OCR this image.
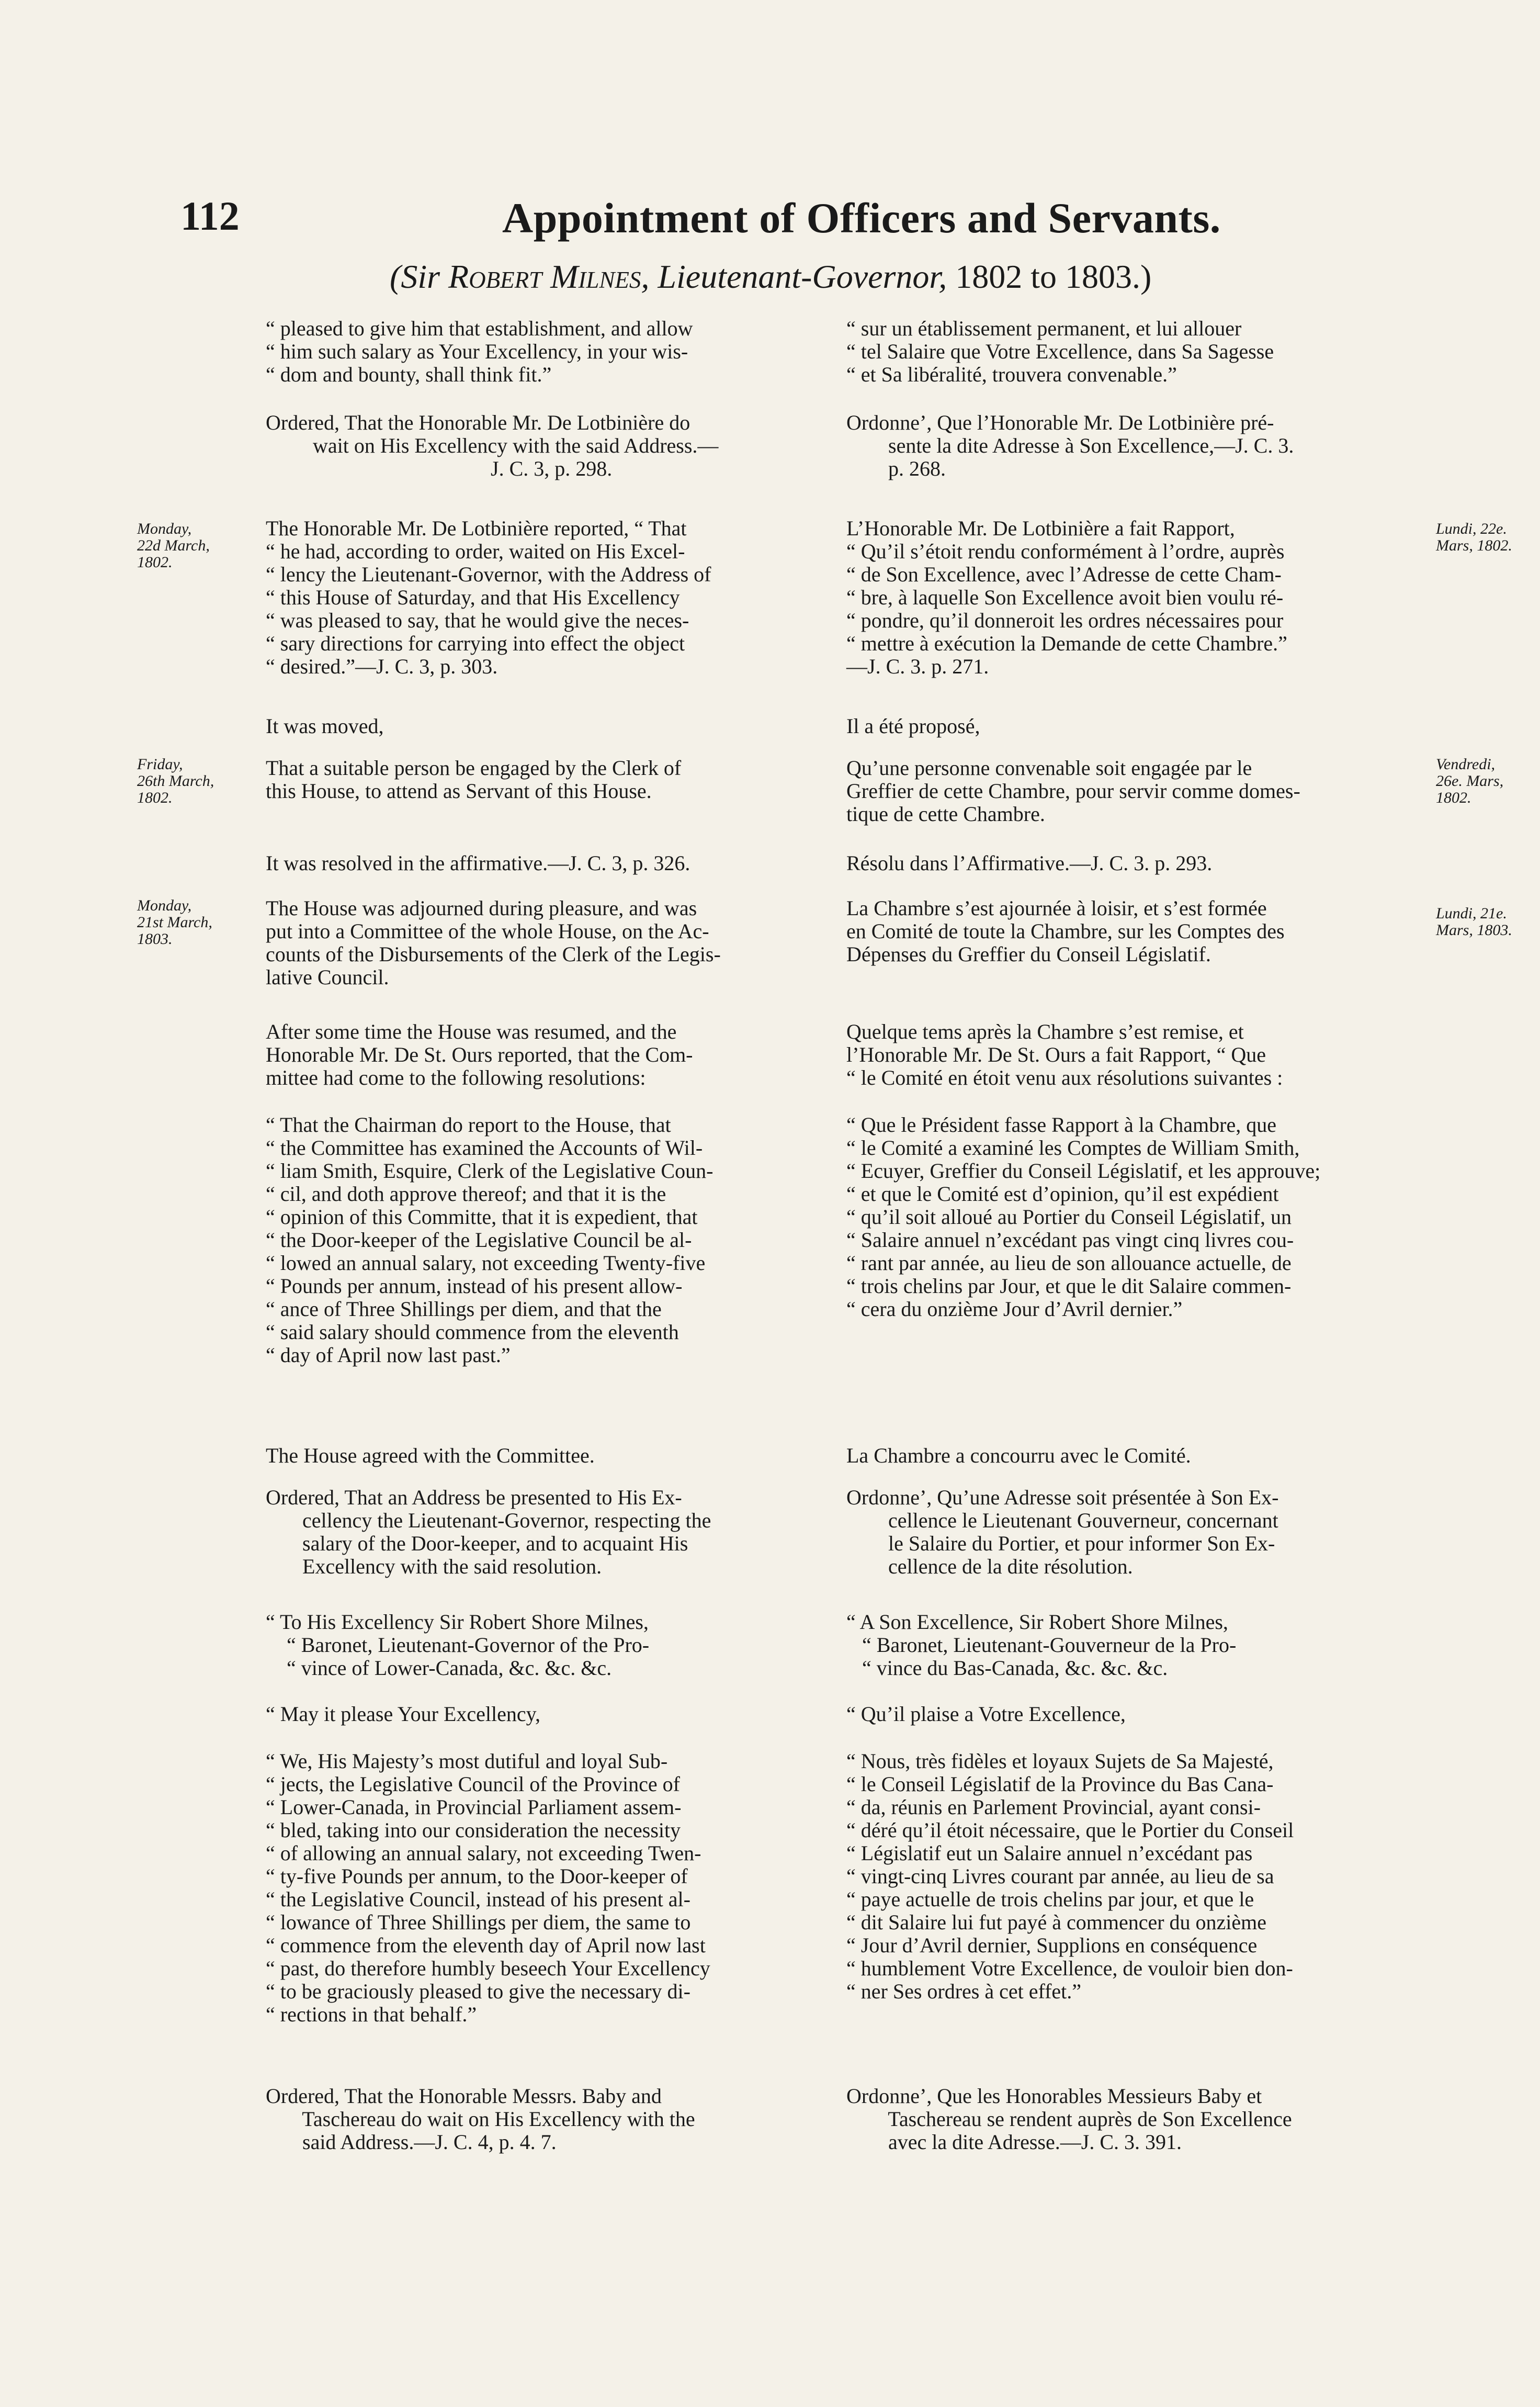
112	Appointment of Officers and Servants.
(Sir Robert Milnes, Lieutenant-Governor, 1802 to 1803.)
Monday,
22d March,
1802.
Friday,
26th March,
1802.
Monday,
21st March,
1803.
Lundi, 22e.
Mars, 1802.
Vendredi,
26e. Mars,
1802.
Lundi, 21e.
Mars, 1803.
“ pleased to give him that establishment, and allow
“ him such salary as Your Excellency, in your wis-
“ dom and bounty, shall think fit.”
Ordered, That the Honorable Mr. De Lotbinière do
wait on His Excellency with the said Address.—
J. C. 3, p. 298.
The Honorable Mr. De Lotbinière reported, “ That
“ he had, according to order, waited on His Excel-
“ lency the Lieutenant-Governor, with the Address of
“ this House of Saturday, and that His Excellency
“ was pleased to say, that he would give the neces-
“ sary directions for carrying into effect the object
“ desired.”—J. C. 3, p. 303.
It was moved,
That a suitable person be engaged by the Clerk of
this House, to attend as Servant of this House.
It was resolved in the affirmative.—J. C. 3, p. 326.
The House was adjourned during pleasure, and was
put into a Committee of the whole House, on the Ac-
counts of the Disbursements of the Clerk of the Legis-
lative Council.
After some time the House was resumed, and the
Honorable Mr. De St. Ours reported, that the Com-
mittee had come to the following resolutions:
“ That the Chairman do report to the House, that
“ the Committee has examined the Accounts of Wil-
“ liam Smith, Esquire, Clerk of the Legislative Coun-
“ cil, and doth approve thereof; and that it is the
“ opinion of this Committe, that it is expedient, that
“ the Door-keeper of the Legislative Council be al-
“ lowed an annual salary, not exceeding Twenty-five
“ Pounds per annum, instead of his present allow-
“ ance of Three Shillings per diem, and that the
“ said salary should commence from the eleventh
“ day of April now last past.”
The House agreed with the Committee.
Ordered, That an Address be presented to His Ex-
cellency the Lieutenant-Governor, respecting the
salary of the Door-keeper, and to acquaint His
Excellency with the said resolution.
“ To His Excellency Sir Robert Shore Milnes,
“ Baronet, Lieutenant-Governor of the Pro-
“ vince of Lower-Canada, &c. &c. &c.
“ May it please Your Excellency,
“ We, His Majesty’s most dutiful and loyal Sub-
“ jects, the Legislative Council of the Province of
“ Lower-Canada, in Provincial Parliament assem-
“ bled, taking into our consideration the necessity
“ of allowing an annual salary, not exceeding Twen-
“ ty-five Pounds per annum, to the Door-keeper of
“ the Legislative Council, instead of his present al-
“ lowance of Three Shillings per diem, the same to
“ commence from the eleventh day of April now last
“ past, do therefore humbly beseech Your Excellency
“ to be graciously pleased to give the necessary di-
“ rections in that behalf.”
Ordered, That the Honorable Messrs. Baby and
Taschereau do wait on His Excellency with the
said Address.—J. C. 4, p. 4. 7.
“ sur un établissement permanent, et lui allouer
“ tel Salaire que Votre Excellence, dans Sa Sagesse
“ et Sa libéralité, trouvera convenable.”
Ordonne’, Que l’Honorable Mr. De Lotbinière pré-
sente la dite Adresse à Son Excellence,—J. C. 3.
p. 268.
L’Honorable Mr. De Lotbinière a fait Rapport,
“ Qu’il s’étoit rendu conformément à l’ordre, auprès
“ de Son Excellence, avec l’Adresse de cette Cham-
“ bre, à laquelle Son Excellence avoit bien voulu ré-
“ pondre, qu’il donneroit les ordres nécessaires pour
“ mettre à exécution la Demande de cette Chambre.”
—J. C. 3. p. 271.
Il a été proposé,
Qu’une personne convenable soit engagée par le
Greffier de cette Chambre, pour servir comme domes-
tique de cette Chambre.
Résolu dans l’Affirmative.—J. C. 3. p. 293.
La Chambre s’est ajournée à loisir, et s’est formée
en Comité de toute la Chambre, sur les Comptes des
Dépenses du Greffier du Conseil Législatif.
Quelque tems après la Chambre s’est remise, et
l’Honorable Mr. De St. Ours a fait Rapport, “ Que
“ le Comité en étoit venu aux résolutions suivantes :
“ Que le Président fasse Rapport à la Chambre, que
“ le Comité a examiné les Comptes de William Smith,
“ Ecuyer, Greffier du Conseil Législatif, et les approuve;
“ et que le Comité est d’opinion, qu’il est expédient
“ qu’il soit alloué au Portier du Conseil Législatif, un
“ Salaire annuel n’excédant pas vingt cinq livres cou-
“ rant par année, au lieu de son allouance actuelle, de
“ trois chelins par Jour, et que le dit Salaire commen-
“ cera du onzième Jour d’Avril dernier.”
La Chambre a concourru avec le Comité.
Ordonne’, Qu’une Adresse soit présentée à Son Ex-
cellence le Lieutenant Gouverneur, concernant
le Salaire du Portier, et pour informer Son Ex-
cellence de la dite résolution.
“ A Son Excellence, Sir Robert Shore Milnes,
“ Baronet, Lieutenant-Gouverneur de la Pro-
“ vince du Bas-Canada, &c. &c. &c.
“ Qu’il plaise a Votre Excellence,
“ Nous, très fidèles et loyaux Sujets de Sa Majesté,
“ le Conseil Législatif de la Province du Bas Cana-
“ da, réunis en Parlement Provincial, ayant consi-
“ déré qu’il étoit nécessaire, que le Portier du Conseil
“ Législatif eut un Salaire annuel n’excédant pas
“ vingt-cinq Livres courant par année, au lieu de sa
“ paye actuelle de trois chelins par jour, et que le
“ dit Salaire lui fut payé à commencer du onzième
“ Jour d’Avril dernier, Supplions en conséquence
“ humblement Votre Excellence, de vouloir bien don-
“ ner Ses ordres à cet effet.”
Ordonne’, Que les Honorables Messieurs Baby et
Taschereau se rendent auprès de Son Excellence
avec la dite Adresse.—J. C. 3. 391.
